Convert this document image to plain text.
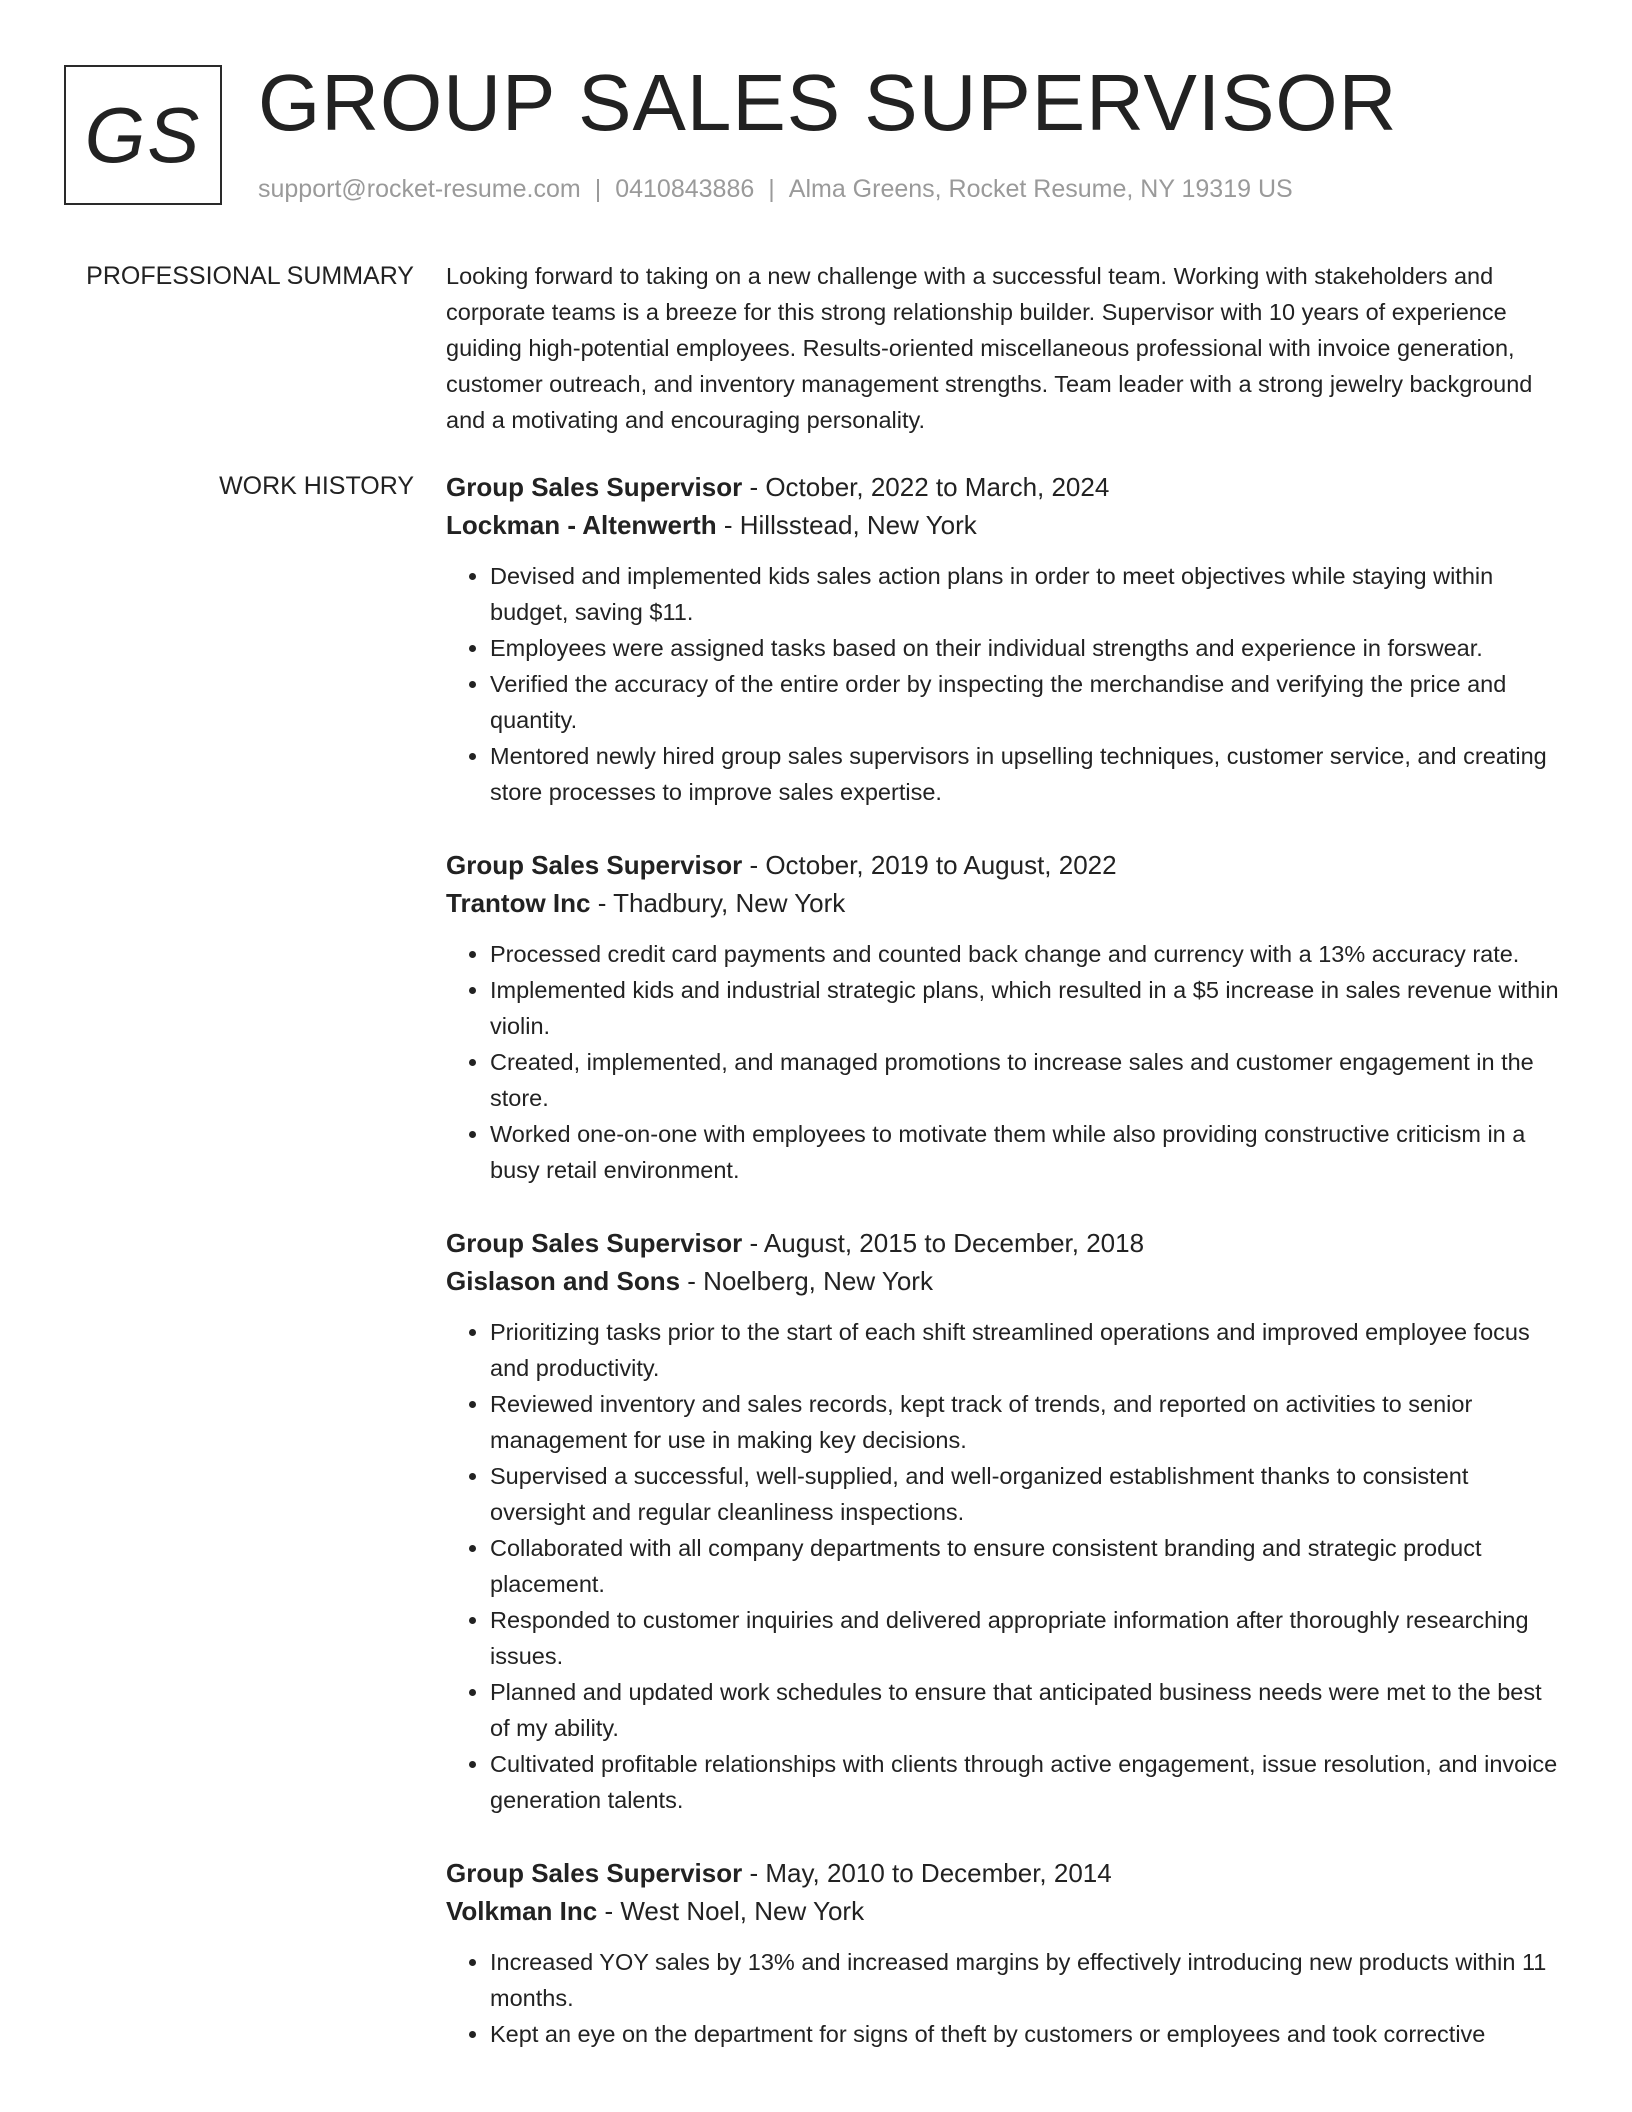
GS GROUP SALES SUPERVISOR
support@rocket-resume.com | 0410843886 | Alma Greens, Rocket Resume, NY 19319 US
PROFESSIONAL SUMMARY Looking forward to taking on a new challenge with a successful team. Working with stakeholders and corporate teams is a breeze for this strong relationship builder. Supervisor with 10 years of experience guiding high-potential employees. Results-oriented miscellaneous professional with invoice generation, customer outreach, and inventory management strengths. Team leader with a strong jewelry background and a motivating and encouraging personality.
WORK HISTORY Group Sales Supervisor - October, 2022 to March, 2024
Lockman - Altenwerth - Hillsstead, New York
• Devised and implemented kids sales action plans in order to meet objectives while staying within budget, saving $11.
• Employees were assigned tasks based on their individual strengths and experience in forswear.
• Verified the accuracy of the entire order by inspecting the merchandise and verifying the price and quantity.
• Mentored newly hired group sales supervisors in upselling techniques, customer service, and creating store processes to improve sales expertise.
Group Sales Supervisor - October, 2019 to August, 2022
Trantow Inc - Thadbury, New York
• Processed credit card payments and counted back change and currency with a 13% accuracy rate.
• Implemented kids and industrial strategic plans, which resulted in a $5 increase in sales revenue within violin.
• Created, implemented, and managed promotions to increase sales and customer engagement in the store.
• Worked one-on-one with employees to motivate them while also providing constructive criticism in a busy retail environment.
Group Sales Supervisor - August, 2015 to December, 2018
Gislason and Sons - Noelberg, New York
• Prioritizing tasks prior to the start of each shift streamlined operations and improved employee focus and productivity.
• Reviewed inventory and sales records, kept track of trends, and reported on activities to senior management for use in making key decisions.
• Supervised a successful, well-supplied, and well-organized establishment thanks to consistent oversight and regular cleanliness inspections.
• Collaborated with all company departments to ensure consistent branding and strategic product placement.
• Responded to customer inquiries and delivered appropriate information after thoroughly researching issues.
• Planned and updated work schedules to ensure that anticipated business needs were met to the best of my ability.
• Cultivated profitable relationships with clients through active engagement, issue resolution, and invoice generation talents.
Group Sales Supervisor - May, 2010 to December, 2014
Volkman Inc - West Noel, New York
• Increased YOY sales by 13% and increased margins by effectively introducing new products within 11 months.
• Kept an eye on the department for signs of theft by customers or employees and took corrective
